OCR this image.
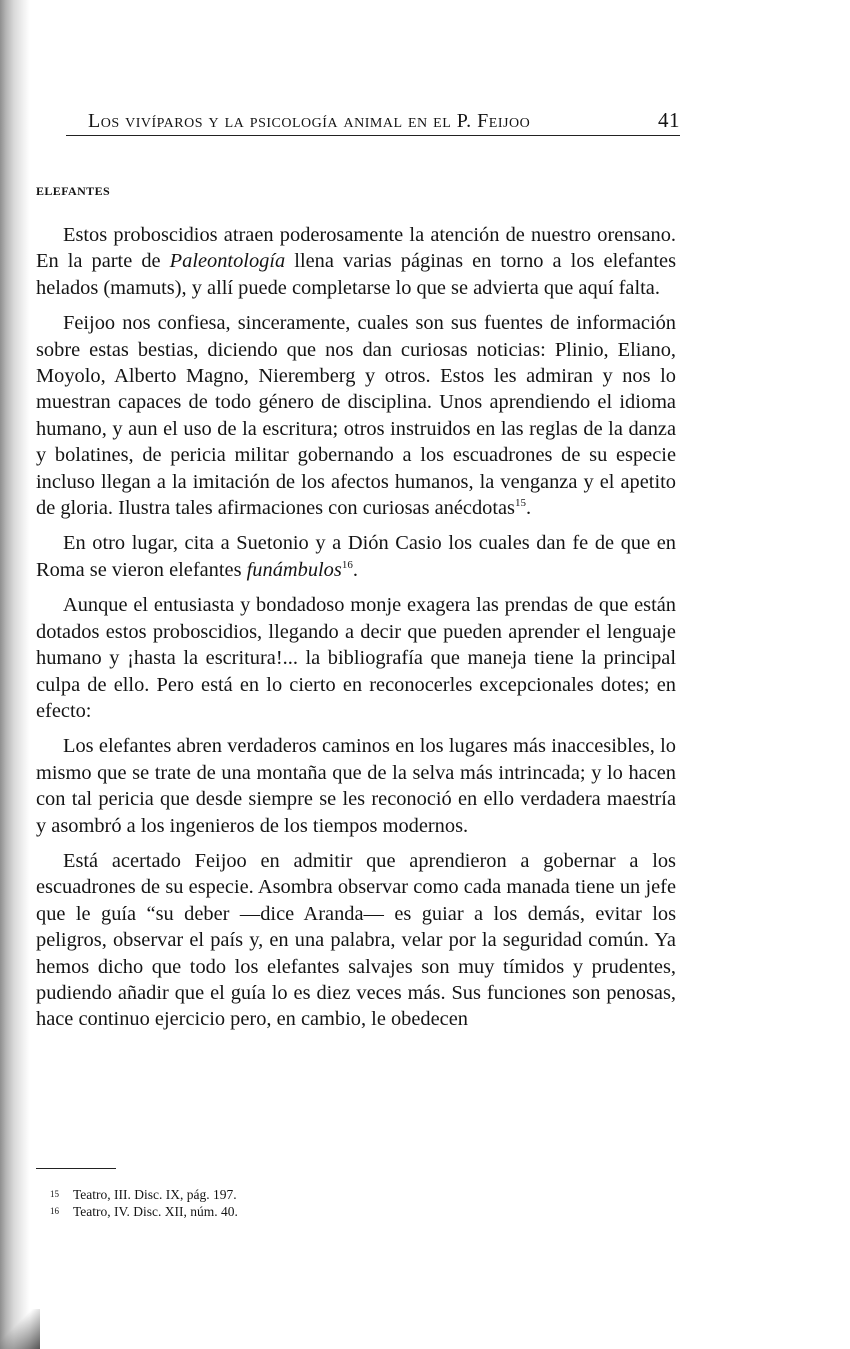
Los vivíparos y la psicología animal en el P. Feijoo	41
ELEFANTES

Estos proboscidios atraen poderosamente la atención de nuestro orensano. En la parte de Paleontología llena varias páginas en torno a los elefantes helados (mamuts), y allí puede completarse lo que se advierta que aquí falta.

Feijoo nos confiesa, sinceramente, cuales son sus fuentes de información sobre estas bestias, diciendo que nos dan curiosas noticias: Plinio, Eliano, Moyolo, Alberto Magno, Nieremberg y otros. Estos les admiran y nos lo muestran capaces de todo género de disciplina. Unos aprendiendo el idioma humano, y aun el uso de la escritura; otros instruidos en las reglas de la danza y bolatines, de pericia militar gobernando a los escuadrones de su especie incluso llegan a la imitación de los afectos humanos, la venganza y el apetito de gloria. Ilustra tales afirmaciones con curiosas anécdotas$^{15}$.

En otro lugar, cita a Suetonio y a Dión Casio los cuales dan fe de que en Roma se vieron elefantes funámbulos$^{16}$.

Aunque el entusiasta y bondadoso monje exagera las prendas de que están dotados estos proboscidios, llegando a decir que pueden aprender el lenguaje humano y ¡hasta la escritura!... la bibliografía que maneja tiene la principal culpa de ello. Pero está en lo cierto en reconocerles excepcionales dotes; en efecto:

Los elefantes abren verdaderos caminos en los lugares más inaccesibles, lo mismo que se trate de una montaña que de la selva más intrincada; y lo hacen con tal pericia que desde siempre se les reconoció en ello verdadera maestría y asombró a los ingenieros de los tiempos modernos.

Está acertado Feijoo en admitir que aprendieron a gobernar a los escuadrones de su especie. Asombra observar como cada manada tiene un jefe que le guía “su deber —dice Aranda— es guiar a los demás, evitar los peligros, observar el país y, en una palabra, velar por la seguridad común. Ya hemos dicho que todo los elefantes salvajes son muy tímidos y prudentes, pudiendo añadir que el guía lo es diez veces más. Sus funciones son penosas, hace continuo ejercicio pero, en cambio, le obedecen

15 Teatro, III. Disc. IX, pág. 197.
16 Teatro, IV. Disc. XII, núm. 40.
